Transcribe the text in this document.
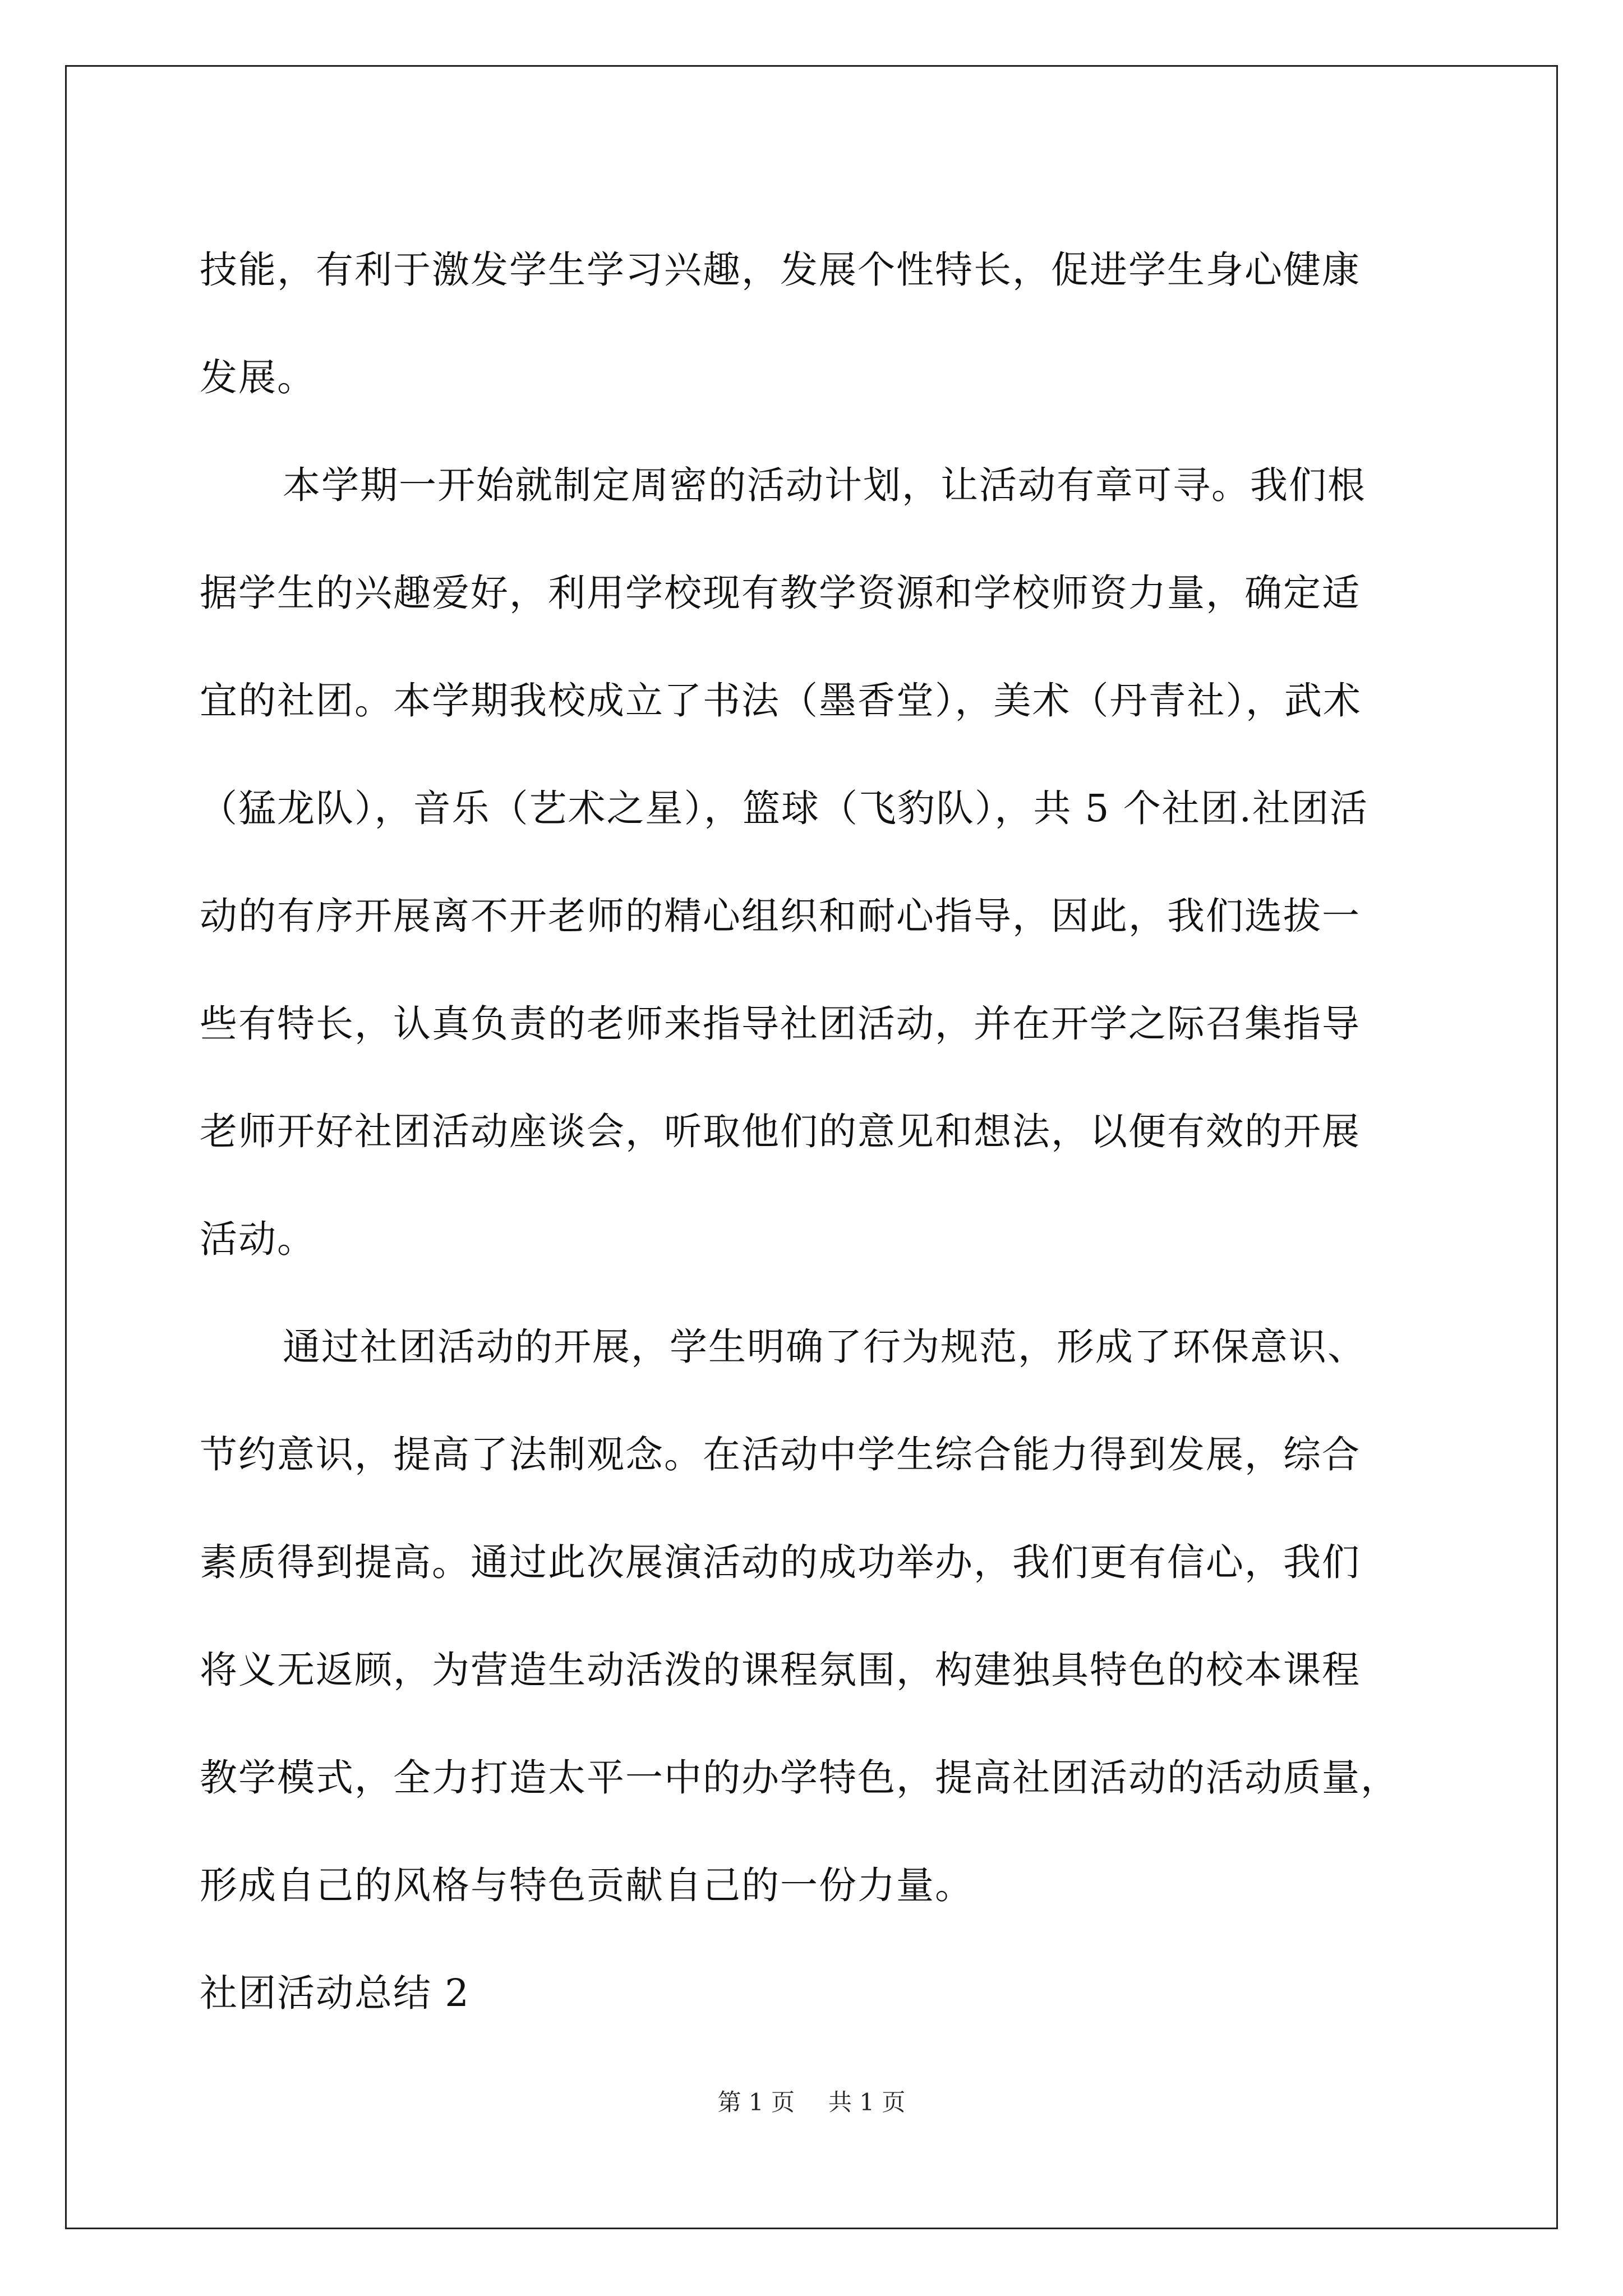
技能，有利于激发学生学习兴趣，发展个性特长，促进学生身心健康
发展。
本学期一开始就制定周密的活动计划，让活动有章可寻。我们根
据学生的兴趣爱好，利用学校现有教学资源和学校师资力量，确定适
宜的社团。本学期我校成立了书法（墨香堂），美术（丹青社），武术
（猛龙队），音乐（艺术之星），篮球（飞豹队），共 5 个社团.社团活
动的有序开展离不开老师的精心组织和耐心指导，因此，我们选拔一
些有特长，认真负责的老师来指导社团活动，并在开学之际召集指导
老师开好社团活动座谈会，听取他们的意见和想法，以便有效的开展
活动。
通过社团活动的开展，学生明确了行为规范，形成了环保意识、
节约意识，提高了法制观念。在活动中学生综合能力得到发展，综合
素质得到提高。通过此次展演活动的成功举办，我们更有信心，我们
将义无返顾，为营造生动活泼的课程氛围，构建独具特色的校本课程
教学模式，全力打造太平一中的办学特色，提高社团活动的活动质量，
形成自己的风格与特色贡献自己的一份力量。
社团活动总结 2
第 1 页 共 1 页
